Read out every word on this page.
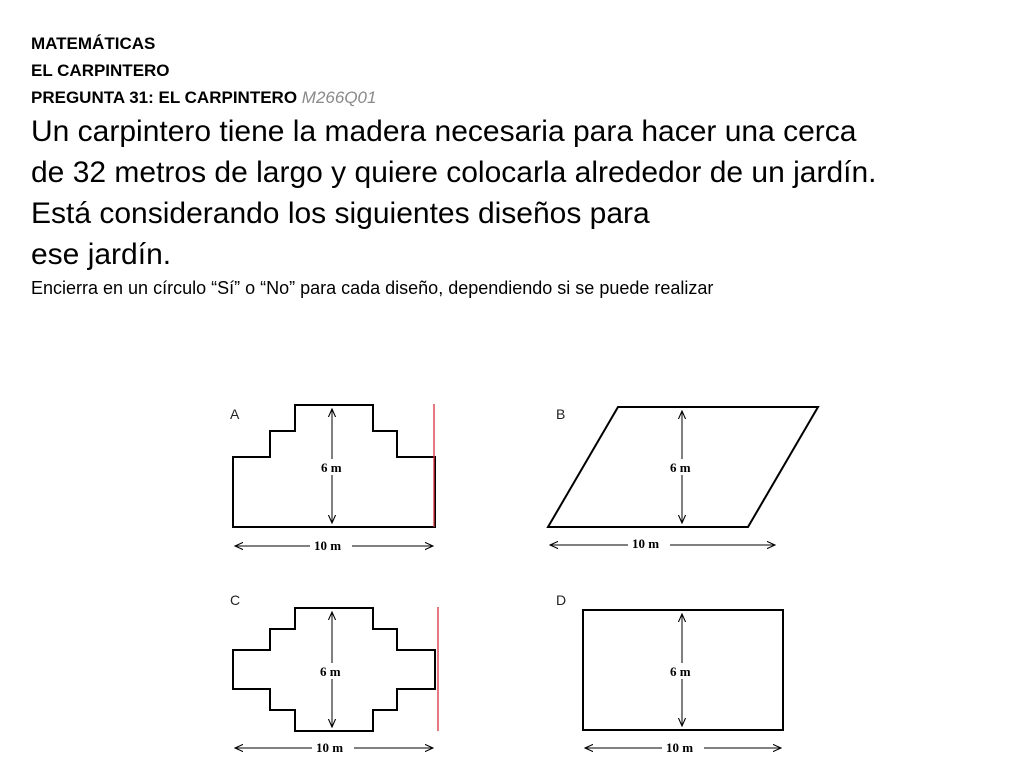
MATEMÁTICAS
EL CARPINTERO
PREGUNTA 31: EL CARPINTERO M266Q01
Un carpintero tiene la madera necesaria para hacer una cerca
de 32 metros de largo y quiere colocarla alrededor de un jardín.
Está considerando los siguientes diseños para
ese jardín.
Encierra en un círculo “Sí” o “No” para cada diseño, dependiendo si se puede realizar
A
6 m
10 m
B
6 m
10 m
C
6 m
10 m
D
6 m
10 m
